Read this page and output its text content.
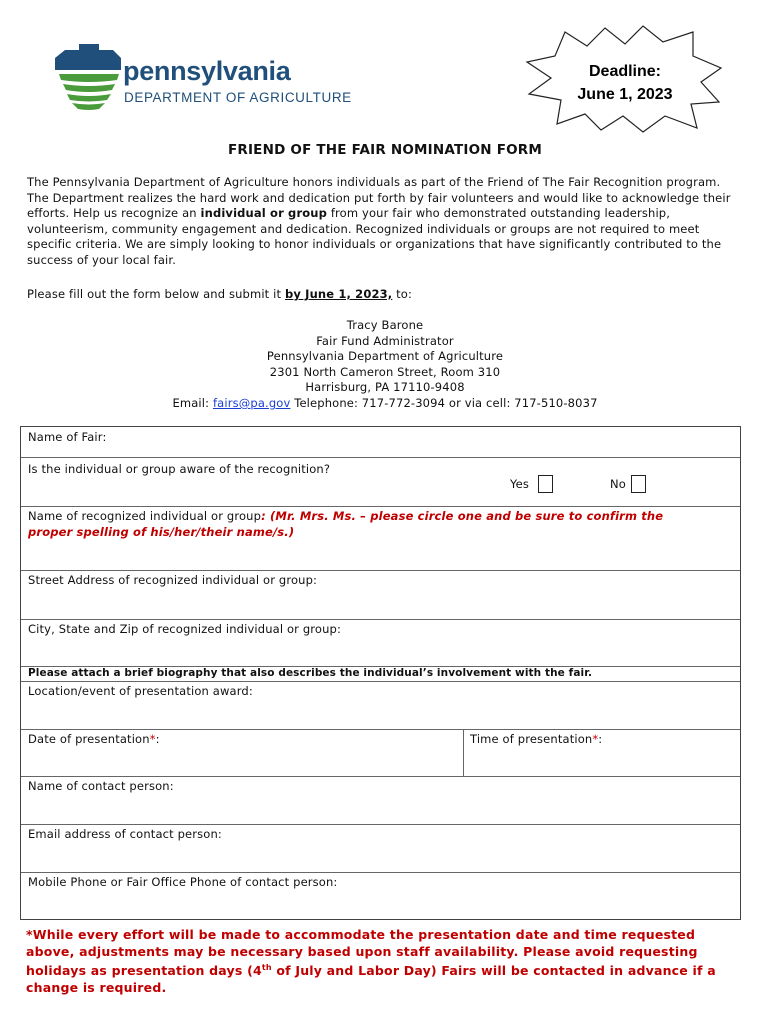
pennsylvania
DEPARTMENT OF AGRICULTURE
Deadline:
June 1, 2023
FRIEND OF THE FAIR NOMINATION FORM
The Pennsylvania Department of Agriculture honors individuals as part of the Friend of The Fair Recognition program. The Department realizes the hard work and dedication put forth by fair volunteers and would like to acknowledge their efforts. Help us recognize an individual or group from your fair who demonstrated outstanding leadership, volunteerism, community engagement and dedication. Recognized individuals or groups are not required to meet specific criteria. We are simply looking to honor individuals or organizations that have significantly contributed to the success of your local fair.
Please fill out the form below and submit it by June 1, 2023, to:
Tracy Barone
Fair Fund Administrator
Pennsylvania Department of Agriculture
2301 North Cameron Street, Room 310
Harrisburg, PA 17110-9408
Email: fairs@pa.gov Telephone: 717-772-3094 or via cell: 717-510-8037
Name of Fair:
Is the individual or group aware of the recognition?
Yes	No
Name of recognized individual or group: (Mr. Mrs. Ms. – please circle one and be sure to confirm the
proper spelling of his/her/their name/s.)
Street Address of recognized individual or group:
City, State and Zip of recognized individual or group:
Please attach a brief biography that also describes the individual’s involvement with the fair.
Location/event of presentation award:
Date of presentation*:	Time of presentation*:
Name of contact person:
Email address of contact person:
Mobile Phone or Fair Office Phone of contact person:
*While every effort will be made to accommodate the presentation date and time requested above, adjustments may be necessary based upon staff availability. Please avoid requesting holidays as presentation days (4th of July and Labor Day) Fairs will be contacted in advance if a change is required.
